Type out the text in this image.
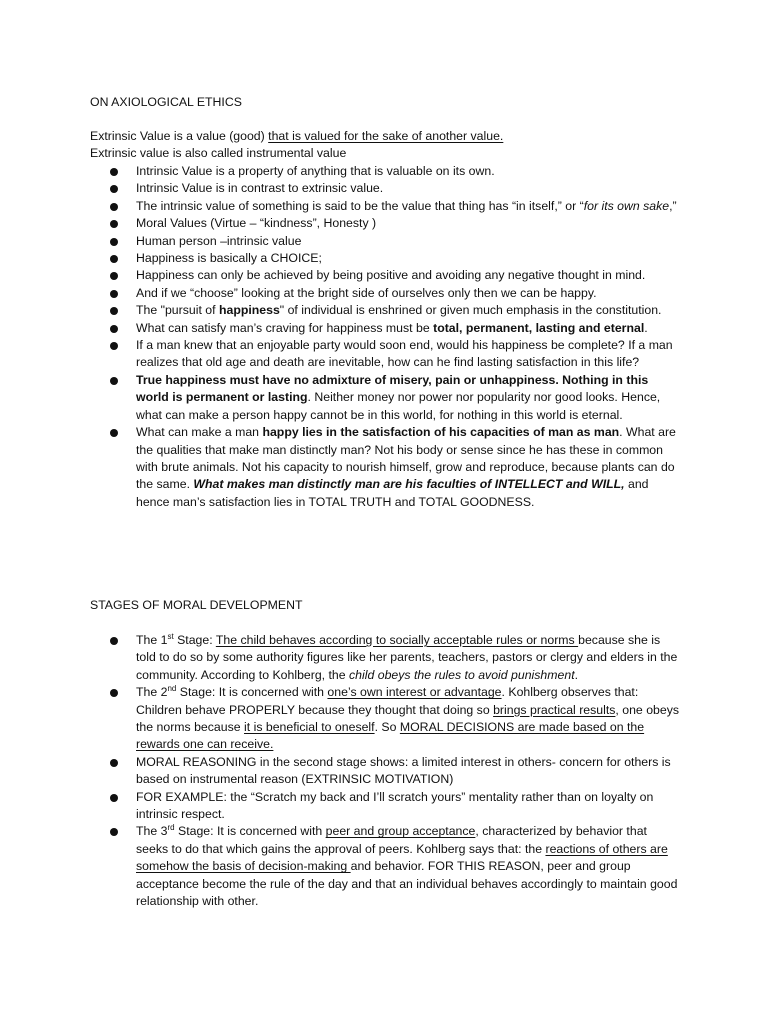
ON AXIOLOGICAL ETHICS

Extrinsic Value is a value (good) that is valued for the sake of another value.

Extrinsic value is also called instrumental value

Intrinsic Value is a property of anything that is valuable on its own.
Intrinsic Value is in contrast to extrinsic value.
The intrinsic value of something is said to be the value that thing has “in itself,” or “for its own sake,”
Moral Values (Virtue – “kindness”, Honesty )
Human person –intrinsic value
Happiness is basically a CHOICE;
Happiness can only be achieved by being positive and avoiding any negative thought in mind.
And if we “choose” looking at the bright side of ourselves only then we can be happy.
The "pursuit of happiness" of individual is enshrined or given much emphasis in the constitution.
What can satisfy man’s craving for happiness must be total, permanent, lasting and eternal.
If a man knew that an enjoyable party would soon end, would his happiness be complete? If a man realizes that old age and death are inevitable, how can he find lasting satisfaction in this life?
True happiness must have no admixture of misery, pain or unhappiness. Nothing in this world is permanent or lasting. Neither money nor power nor popularity nor good looks. Hence, what can make a person happy cannot be in this world, for nothing in this world is eternal.
What can make a man happy lies in the satisfaction of his capacities of man as man. What are the qualities that make man distinctly man? Not his body or sense since he has these in common with brute animals. Not his capacity to nourish himself, grow and reproduce, because plants can do the same. What makes man distinctly man are his faculties of INTELLECT and WILL, and hence man’s satisfaction lies in TOTAL TRUTH and TOTAL GOODNESS.
STAGES OF MORAL DEVELOPMENT
The 1st Stage: The child behaves according to socially acceptable rules or norms because she is told to do so by some authority figures like her parents, teachers, pastors or clergy and elders in the community. According to Kohlberg, the child obeys the rules to avoid punishment.
The 2nd Stage: It is concerned with one’s own interest or advantage. Kohlberg observes that: Children behave PROPERLY because they thought that doing so brings practical results, one obeys the norms because it is beneficial to oneself. So MORAL DECISIONS are made based on the rewards one can receive.
MORAL REASONING in the second stage shows: a limited interest in others- concern for others is based on instrumental reason (EXTRINSIC MOTIVATION)
FOR EXAMPLE: the “Scratch my back and I’ll scratch yours” mentality rather than on loyalty on intrinsic respect.
The 3rd Stage: It is concerned with peer and group acceptance, characterized by behavior that seeks to do that which gains the approval of peers. Kohlberg says that: the reactions of others are somehow the basis of decision-making and behavior. FOR THIS REASON, peer and group acceptance become the rule of the day and that an individual behaves accordingly to maintain good relationship with other.
